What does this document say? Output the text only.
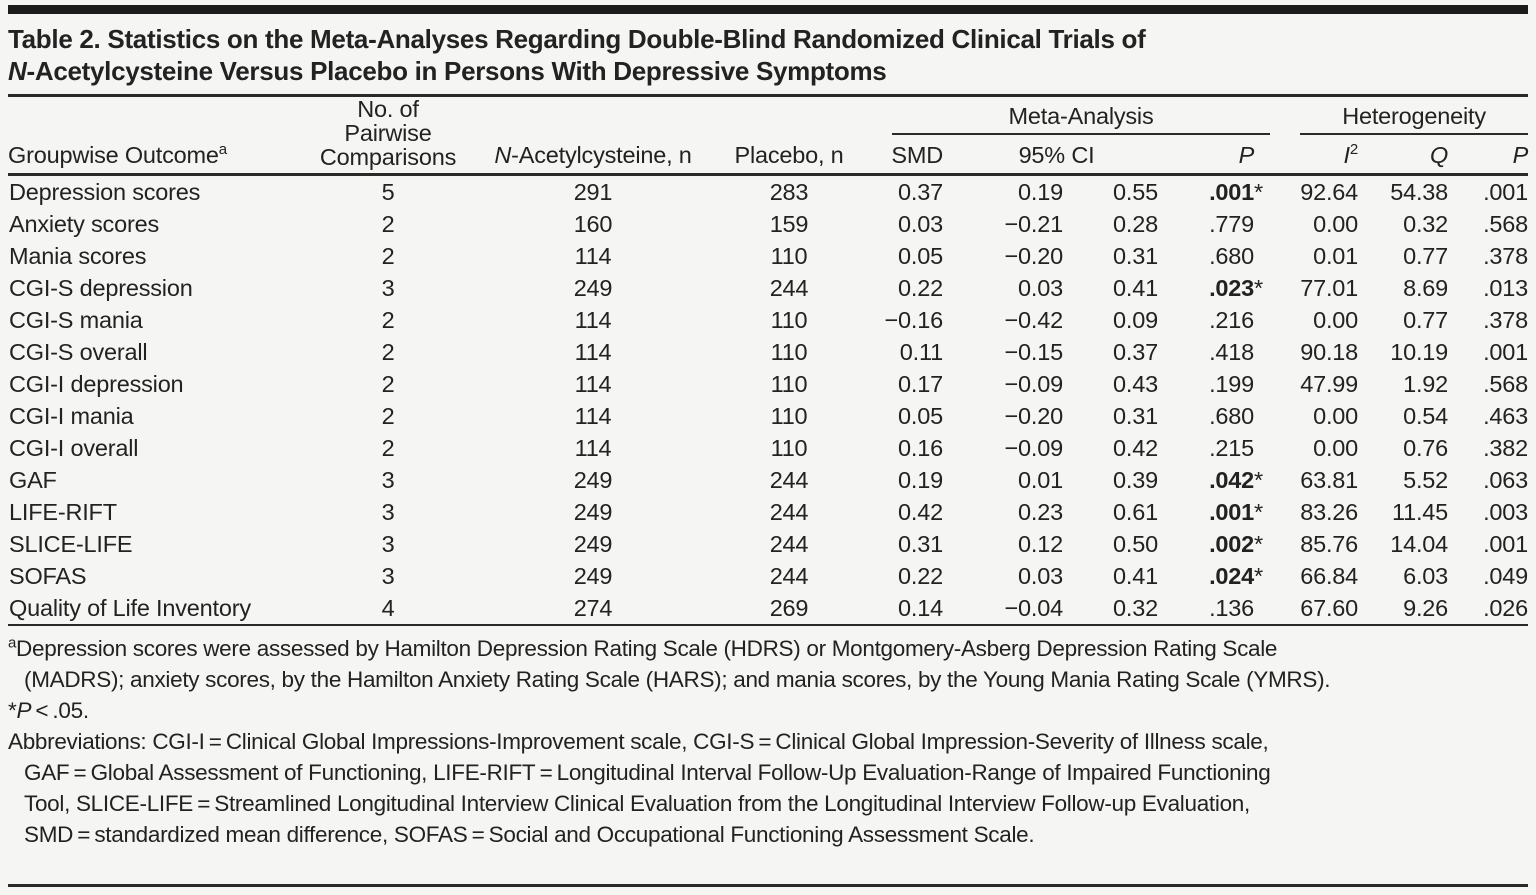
Table 2. Statistics on the Meta-Analyses Regarding Double-Blind Randomized Clinical Trials of
N-Acetylcysteine Versus Placebo in Persons With Depressive Symptoms
Groupwise Outcome$^a$	No. of
Pairwise
Comparisons	N-Acetylcysteine, n	Placebo, n	Meta-Analysis				Heterogeneity		

				SMD	95% CI		P	$I^2$	Q	P
Depression scores	5	291	283	0.37	0.19	0.55	.001*	92.64	54.38	.001
Anxiety scores	2	160	159	0.03	−0.21	0.28	.779	0.00	0.32	.568
Mania scores	2	114	110	0.05	−0.20	0.31	.680	0.01	0.77	.378
CGI-S depression	3	249	244	0.22	0.03	0.41	.023*	77.01	8.69	.013
CGI-S mania	2	114	110	−0.16	−0.42	0.09	.216	0.00	0.77	.378
CGI-S overall	2	114	110	0.11	−0.15	0.37	.418	90.18	10.19	.001
CGI-I depression	2	114	110	0.17	−0.09	0.43	.199	47.99	1.92	.568
CGI-I mania	2	114	110	0.05	−0.20	0.31	.680	0.00	0.54	.463
CGI-I overall	2	114	110	0.16	−0.09	0.42	.215	0.00	0.76	.382
GAF	3	249	244	0.19	0.01	0.39	.042*	63.81	5.52	.063
LIFE-RIFT	3	249	244	0.42	0.23	0.61	.001*	83.26	11.45	.003
SLICE-LIFE	3	249	244	0.31	0.12	0.50	.002*	85.76	14.04	.001
SOFAS	3	249	244	0.22	0.03	0.41	.024*	66.84	6.03	.049
Quality of Life Inventory	4	274	269	0.14	−0.04	0.32	.136	67.60	9.26	.026
$^a$Depression scores were assessed by Hamilton Depression Rating Scale (HDRS) or Montgomery-Asberg Depression Rating Scale
(MADRS); anxiety scores, by the Hamilton Anxiety Rating Scale (HARS); and mania scores, by the Young Mania Rating Scale (YMRS).
*P < .05.
Abbreviations: CGI-I = Clinical Global Impressions-Improvement scale, CGI-S = Clinical Global Impression-Severity of Illness scale,
GAF = Global Assessment of Functioning, LIFE-RIFT = Longitudinal Interval Follow-Up Evaluation-Range of Impaired Functioning
Tool, SLICE-LIFE = Streamlined Longitudinal Interview Clinical Evaluation from the Longitudinal Interview Follow-up Evaluation,
SMD = standardized mean difference, SOFAS = Social and Occupational Functioning Assessment Scale.
